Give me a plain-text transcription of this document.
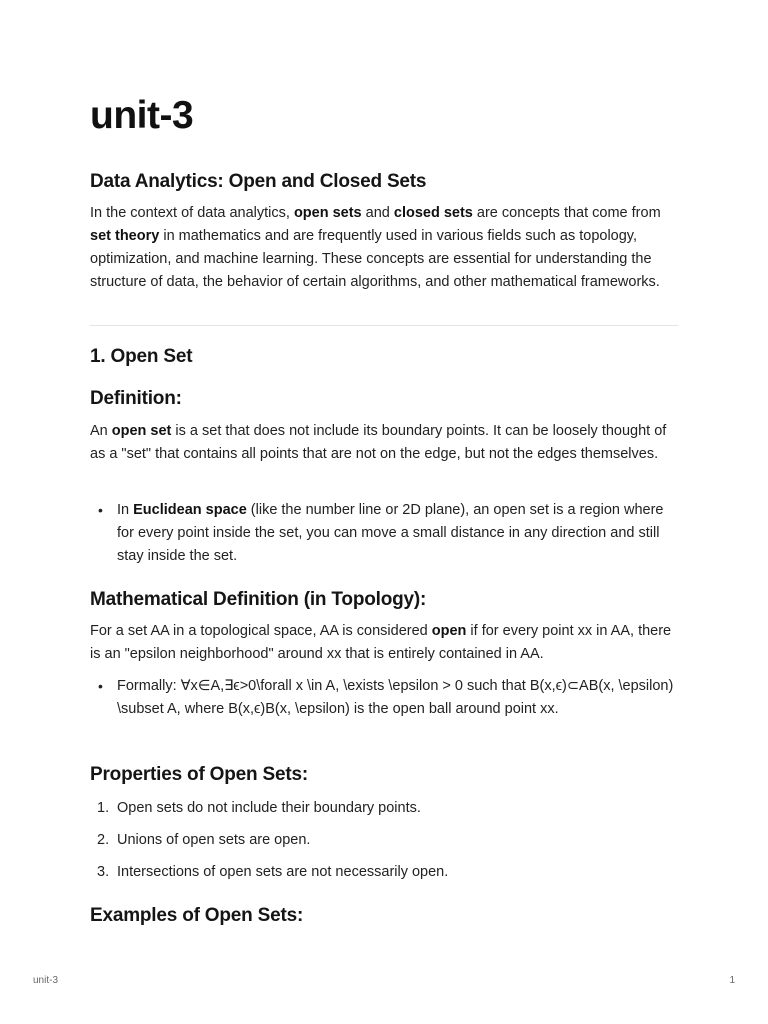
unit-3
Data Analytics: Open and Closed Sets

In the context of data analytics, open sets and closed sets are concepts that come from set theory in mathematics and are frequently used in various fields such as topology, optimization, and machine learning. These concepts are essential for understanding the structure of data, the behavior of certain algorithms, and other mathematical frameworks.

1. Open Set
Definition:

An open set is a set that does not include its boundary points. It can be loosely thought of as a "set" that contains all points that are not on the edge, but not the edges themselves.

• In Euclidean space (like the number line or 2D plane), an open set is a region where for every point inside the set, you can move a small distance in any direction and still stay inside the set.
Mathematical Definition (in Topology):

For a set AA in a topological space, AA is considered open if for every point xx in AA, there is an "epsilon neighborhood" around xx that is entirely contained in AA.

• Formally: ∀x∈A,∃ϵ>0\forall x \in A, \exists \epsilon > 0 such that B(x,ϵ)⊂AB(x, \epsilon) \subset A, where B(x,ϵ)B(x, \epsilon) is the open ball around point xx.
Properties of Open Sets:
1. Open sets do not include their boundary points.
2. Unions of open sets are open.
3. Intersections of open sets are not necessarily open.
Examples of Open Sets:
unit-3	1
